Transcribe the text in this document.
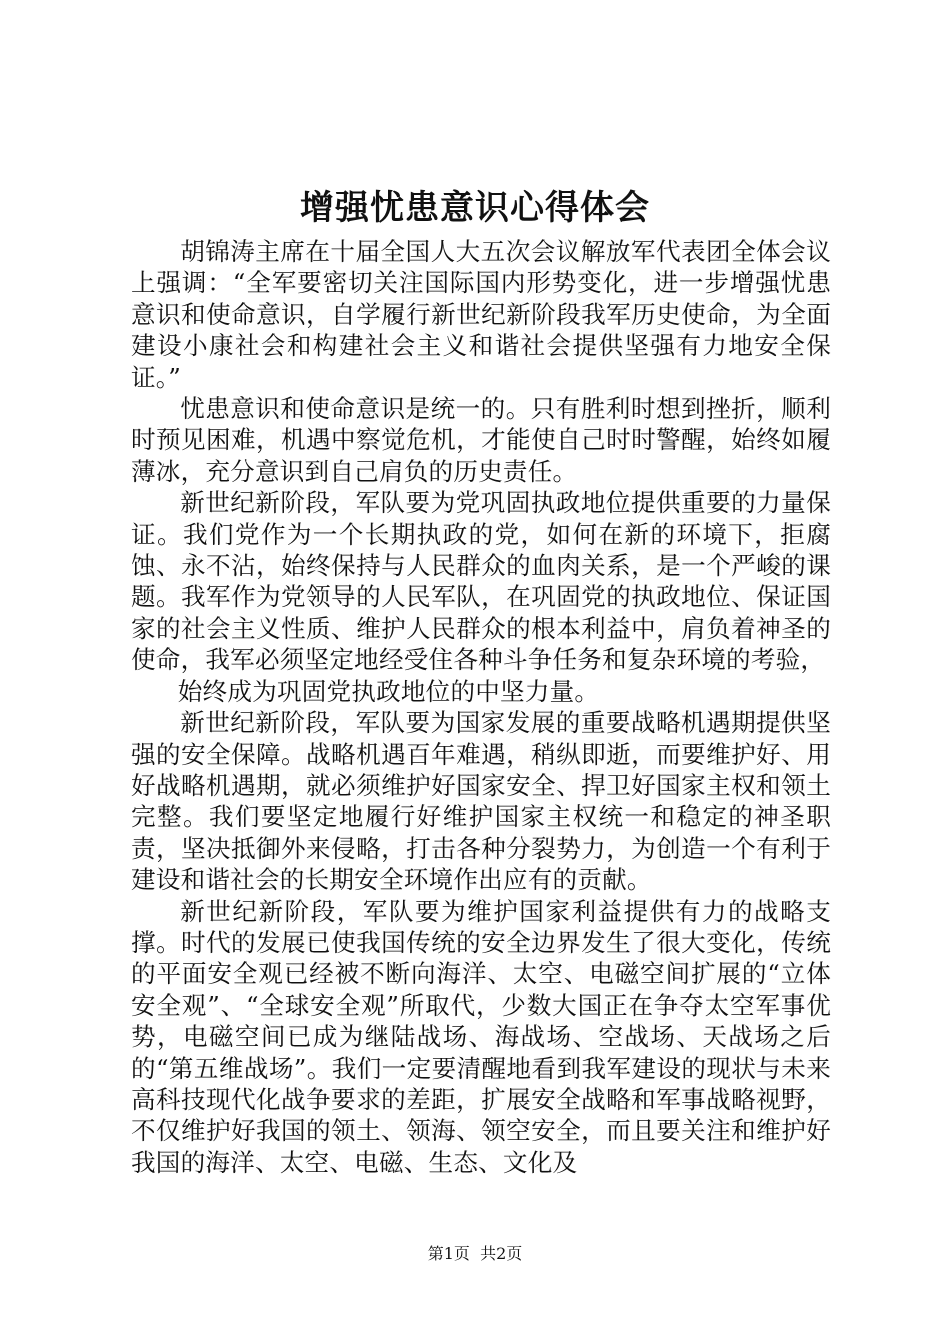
增强忧患意识心得体会

胡锦涛主席在十届全国人大五次会议解放军代表团全体会议上强调：“全军要密切关注国际国内形势变化，进一步增强忧患意识和使命意识，自学履行新世纪新阶段我军历史使命，为全面建设小康社会和构建社会主义和谐社会提供坚强有力地安全保证。”

忧患意识和使命意识是统一的。只有胜利时想到挫折，顺利时预见困难，机遇中察觉危机，才能使自己时时警醒，始终如履薄冰，充分意识到自己肩负的历史责任。

新世纪新阶段，军队要为党巩固执政地位提供重要的力量保证。我们党作为一个长期执政的党，如何在新的环境下，拒腐蚀、永不沾，始终保持与人民群众的血肉关系，是一个严峻的课题。我军作为党领导的人民军队，在巩固党的执政地位、保证国家的社会主义性质、维护人民群众的根本利益中，肩负着神圣的使命，我军必须坚定地经受住各种斗争任务和复杂环境的考验，

始终成为巩固党执政地位的中坚力量。

新世纪新阶段，军队要为国家发展的重要战略机遇期提供坚强的安全保障。战略机遇百年难遇，稍纵即逝，而要维护好、用好战略机遇期，就必须维护好国家安全、捍卫好国家主权和领土完整。我们要坚定地履行好维护国家主权统一和稳定的神圣职责，坚决抵御外来侵略，打击各种分裂势力，为创造一个有利于建设和谐社会的长期安全环境作出应有的贡献。

新世纪新阶段，军队要为维护国家利益提供有力的战略支撑。时代的发展已使我国传统的安全边界发生了很大变化，传统的平面安全观已经被不断向海洋、太空、电磁空间扩展的“立体安全观”、“全球安全观”所取代，少数大国正在争夺太空军事优势，电磁空间已成为继陆战场、海战场、空战场、天战场之后的“第五维战场”。我们一定要清醒地看到我军建设的现状与未来高科技现代化战争要求的差距，扩展安全战略和军事战略视野，不仅维护好我国的领土、领海、领空安全，而且要关注和维护好我国的海洋、太空、电磁、生态、文化及

第1页  共2页
